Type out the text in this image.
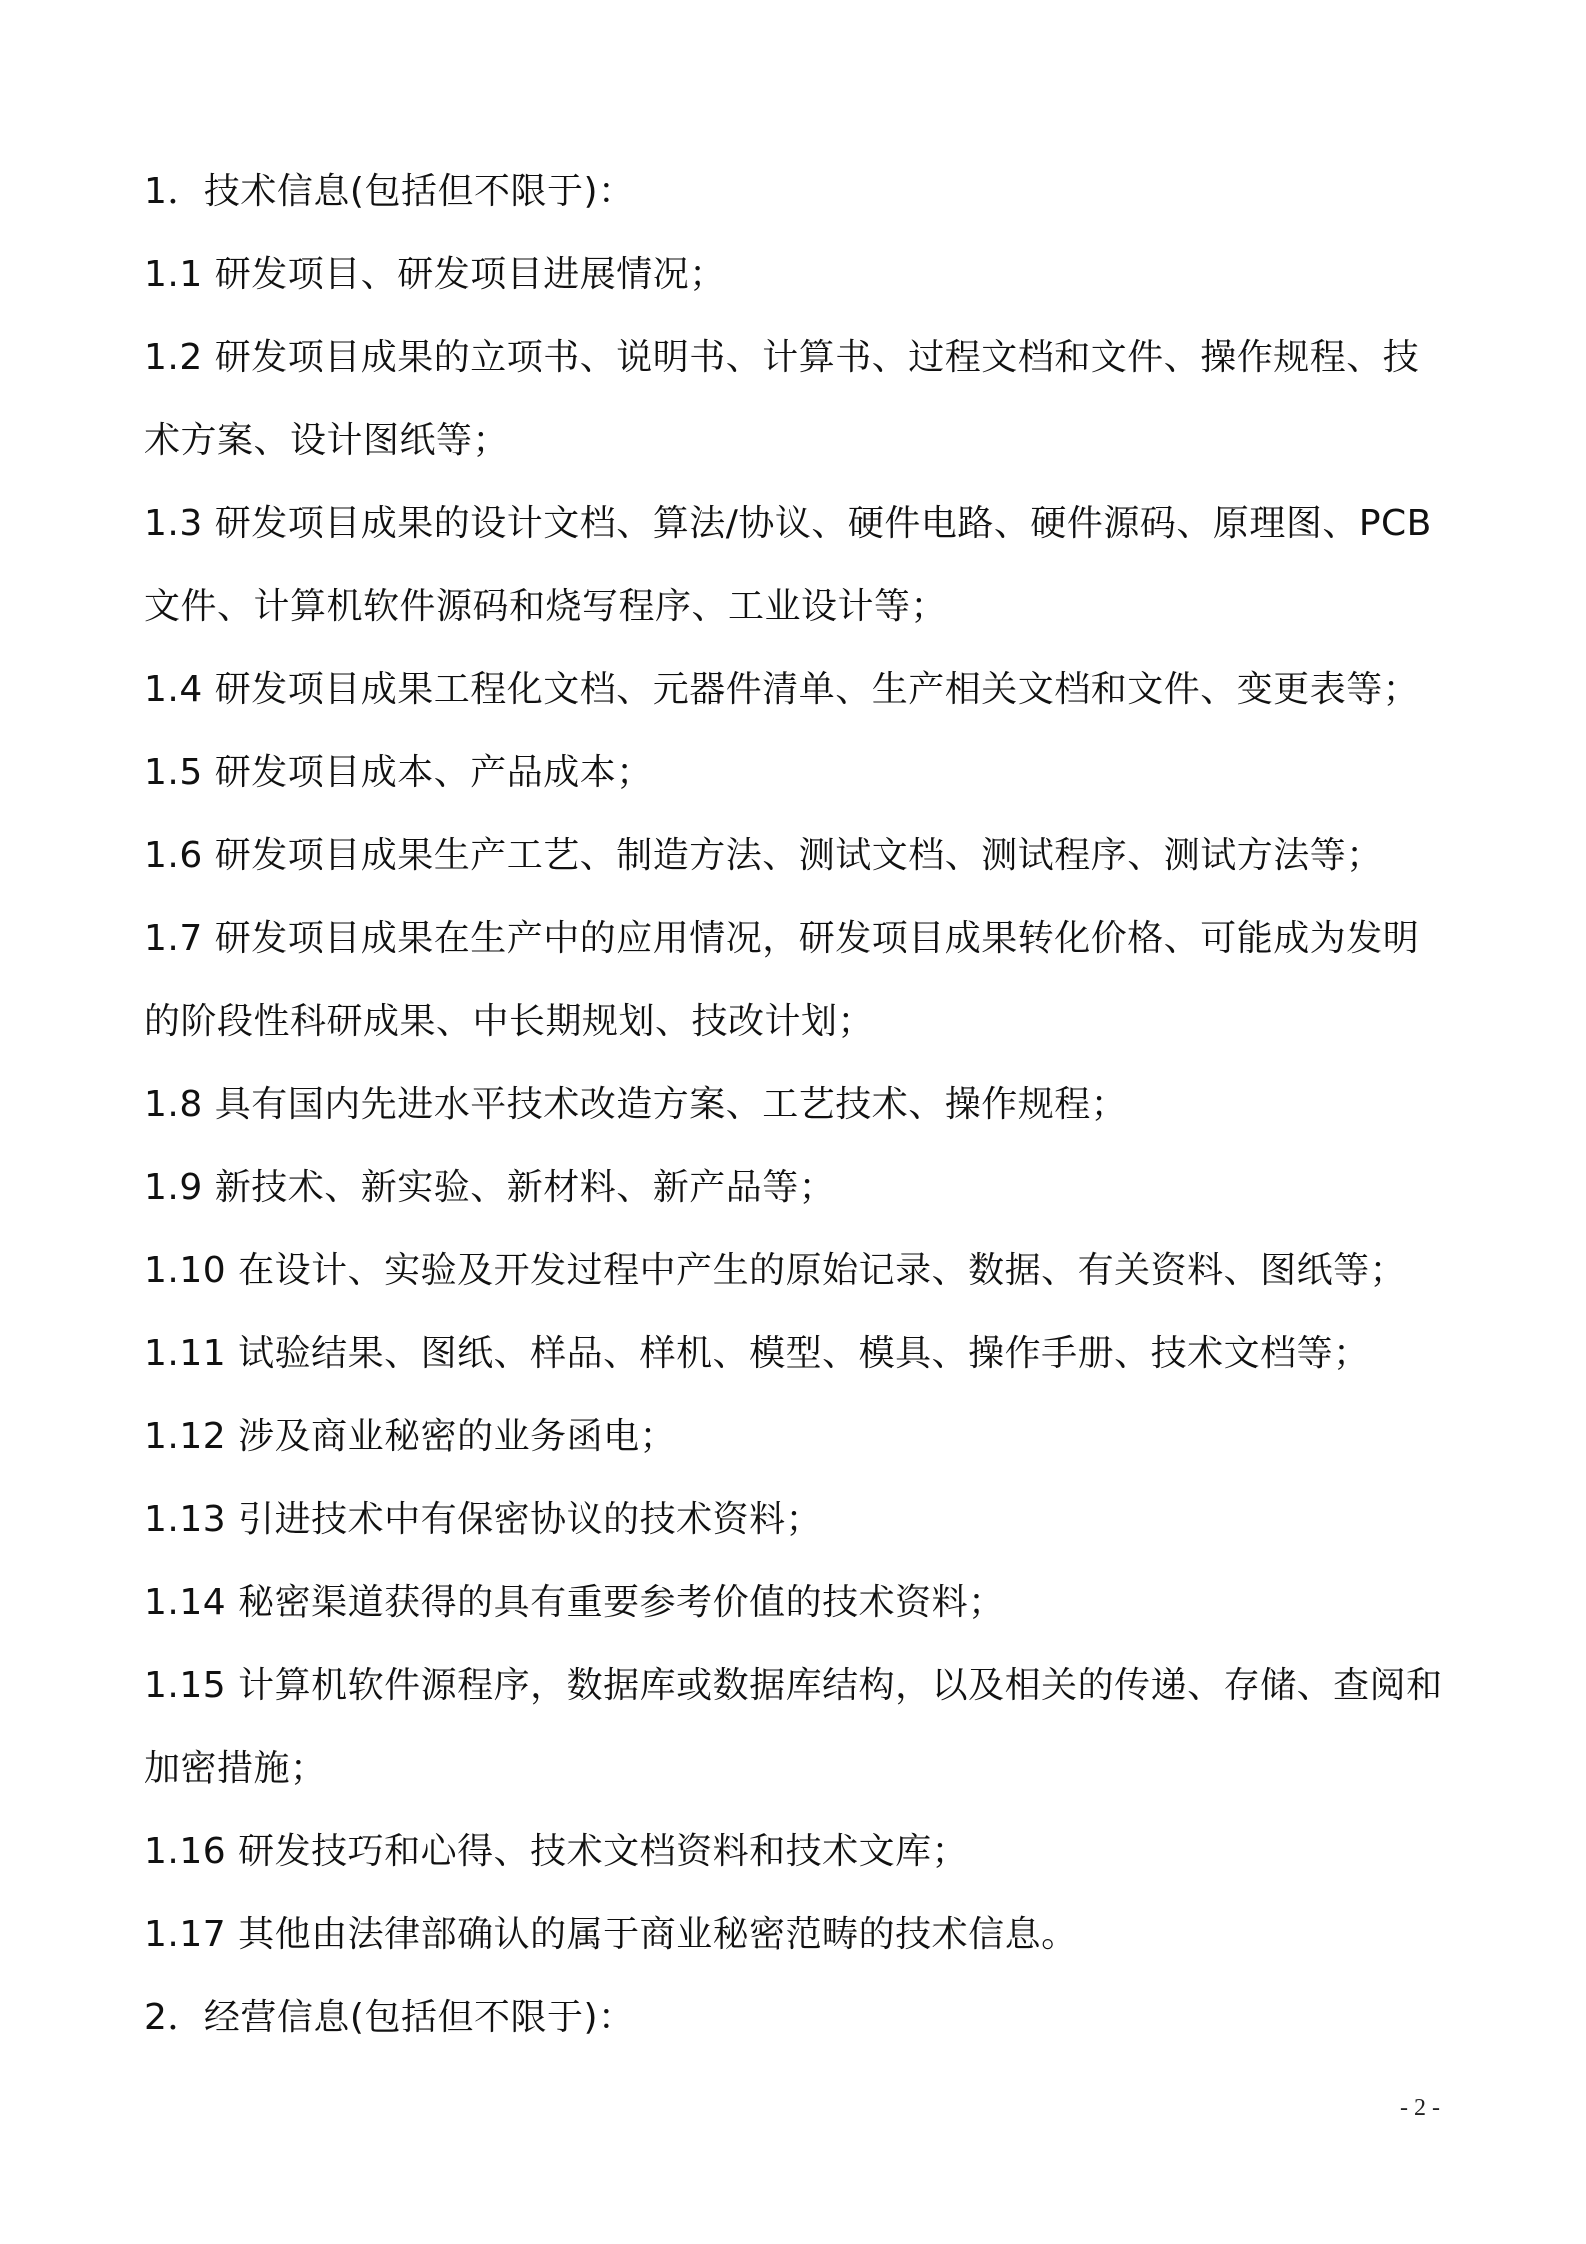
1．技术信息(包括但不限于)：
1.1 研发项目、研发项目进展情况；
1.2 研发项目成果的立项书、说明书、计算书、过程文档和文件、操作规程、技
术方案、设计图纸等；
1.3 研发项目成果的设计文档、算法/协议、硬件电路、硬件源码、原理图、PCB
文件、计算机软件源码和烧写程序、工业设计等；
1.4 研发项目成果工程化文档、元器件清单、生产相关文档和文件、变更表等；
1.5 研发项目成本、产品成本；
1.6 研发项目成果生产工艺、制造方法、测试文档、测试程序、测试方法等；
1.7 研发项目成果在生产中的应用情况，研发项目成果转化价格、可能成为发明
的阶段性科研成果、中长期规划、技改计划；
1.8 具有国内先进水平技术改造方案、工艺技术、操作规程；
1.9 新技术、新实验、新材料、新产品等；
1.10 在设计、实验及开发过程中产生的原始记录、数据、有关资料、图纸等；
1.11 试验结果、图纸、样品、样机、模型、模具、操作手册、技术文档等；
1.12 涉及商业秘密的业务函电；
1.13 引进技术中有保密协议的技术资料；
1.14 秘密渠道获得的具有重要参考价值的技术资料；
1.15 计算机软件源程序，数据库或数据库结构，以及相关的传递、存储、查阅和
加密措施；
1.16 研发技巧和心得、技术文档资料和技术文库；
1.17 其他由法律部确认的属于商业秘密范畴的技术信息。
2．经营信息(包括但不限于)：
- 2 -
